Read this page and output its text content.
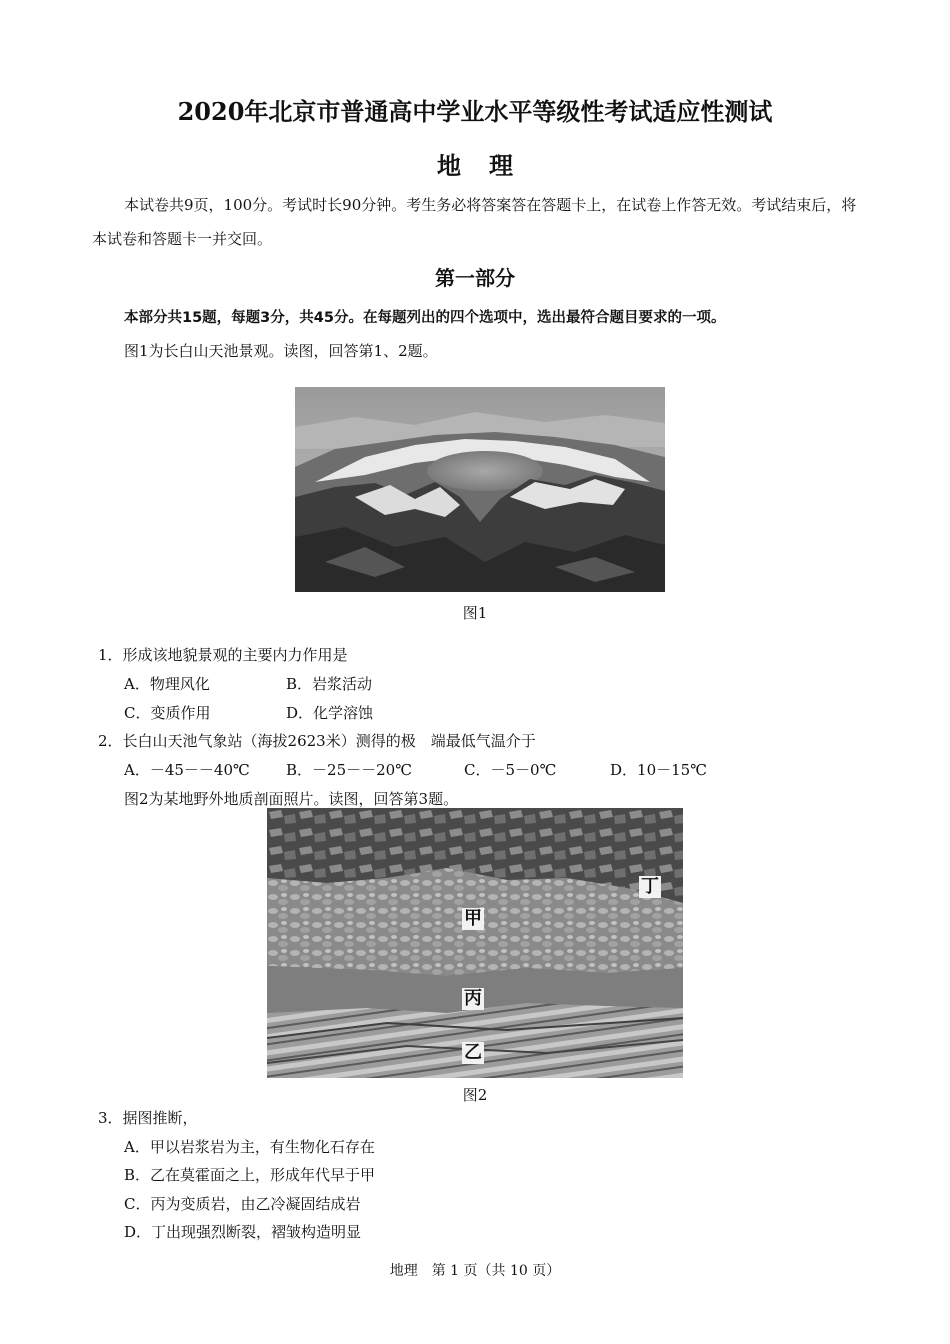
2020年北京市普通高中学业水平等级性考试适应性测试
地理
本试卷共9页，100分。考试时长90分钟。考生务必将答案答在答题卡上，在试卷上作答无效。考试结束后，将本试卷和答题卡一并交回。
第一部分
本部分共15题，每题3分，共45分。在每题列出的四个选项中，选出最符合题目要求的一项。
图1为长白山天池景观。读图，回答第1、2题。
图1
1．形成该地貌景观的主要内力作用是
A．物理风化	B．岩浆活动
C．变质作用	D．化学溶蚀
2．长白山天池气象站（海拔2623米）测得的极　端最低气温介于
A．－45－－40℃ B．－25－－20℃	C．－5－0℃	D．10－15℃
图2为某地野外地质剖面照片。读图，回答第3题。
甲
丁
丙
乙
图2
3．据图推断，
A．甲以岩浆岩为主，有生物化石存在
B．乙在莫霍面之上，形成年代早于甲
C．丙为变质岩，由乙冷凝固结成岩
D．丁出现强烈断裂，褶皱构造明显
地理　第 1 页（共 10 页）
